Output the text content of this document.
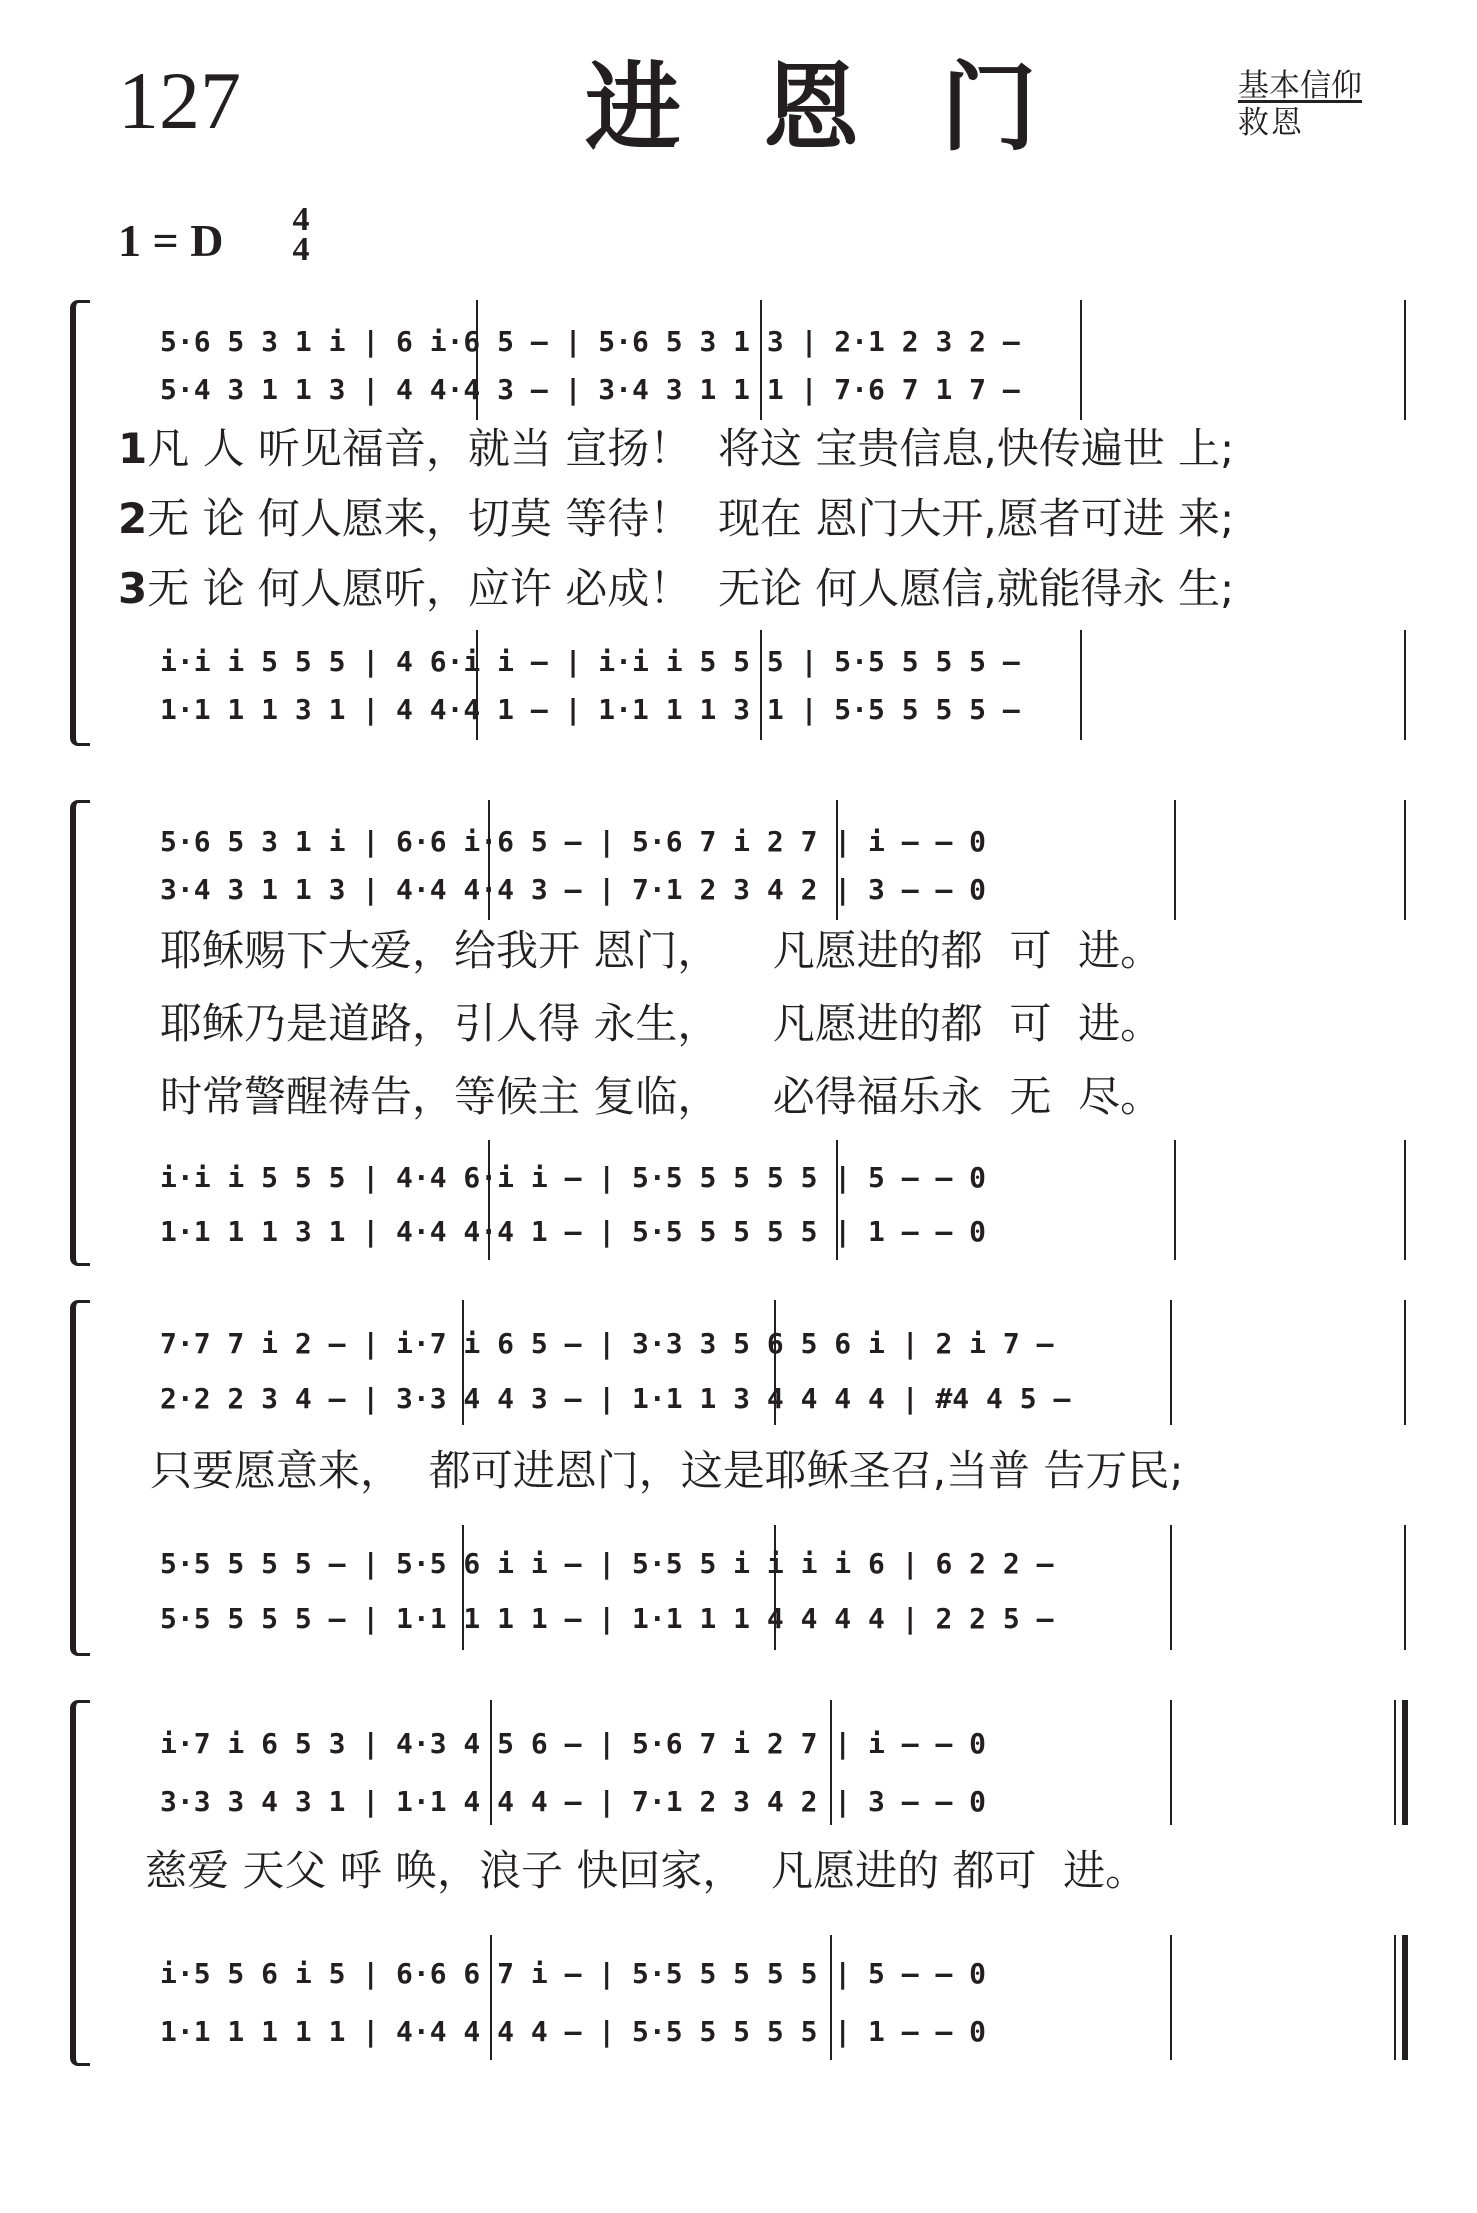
127	进恩门	基本信仰
救恩
1 = D 4
4
5·6 5 3 1 i | 6 i·6 5 – | 5·6 5 3 1 3 | 2·1 2 3 2 –
5·4 3 1 1 3 | 4 4·4 3 – | 3·4 3 1 1 1 | 7·6 7 1 7 –
1凡 人 听见福音，就当 宣扬！  将这 宝贵信息,快传遍世 上;
2无 论 何人愿来，切莫 等待！  现在 恩门大开,愿者可进 来;
3无 论 何人愿听，应许 必成！  无论 何人愿信,就能得永 生;
i·i i 5 5 5 | 4 6·i i – | i·i i 5 5 5 | 5·5 5 5 5 –
1·1 1 1 3 1 | 4 4·4 1 – | 1·1 1 1 3 1 | 5·5 5 5 5 –
5·6 5 3 1 i | 6·6 i·6 5 – | 5·6 7 i 2 7 | i – – 0
3·4 3 1 1 3 | 4·4 4·4 3 – | 7·1 2 3 4 2 | 3 – – 0
耶稣赐下大爱，给我开 恩门，    凡愿进的都  可  进。
耶稣乃是道路，引人得 永生，    凡愿进的都  可  进。
时常警醒祷告，等候主 复临，    必得福乐永  无  尽。
i·i i 5 5 5 | 4·4 6·i i – | 5·5 5 5 5 5 | 5 – – 0
1·1 1 1 3 1 | 4·4 4·4 1 – | 5·5 5 5 5 5 | 1 – – 0
7·7 7 i 2 – | i·7 i 6 5 – | 3·3 3 5 6 5 6 i | 2 i 7 –
2·2 2 3 4 – | 3·3 4 4 3 – | 1·1 1 3 4 4 4 4 | #4 4 5 –
只要愿意来，  都可进恩门，这是耶稣圣召,当普 告万民;
5·5 5 5 5 – | 5·5 6 i i – | 5·5 5 i i i i 6 | 6 2 2 –
5·5 5 5 5 – | 1·1 1 1 1 – | 1·1 1 1 4 4 4 4 | 2 2 5 –
i·7 i 6 5 3 | 4·3 4 5 6 – | 5·6 7 i 2 7 | i – – 0
3·3 3 4 3 1 | 1·1 4 4 4 – | 7·1 2 3 4 2 | 3 – – 0
慈爱 天父 呼 唤，浪子 快回家，  凡愿进的 都可  进。
i·5 5 6 i 5 | 6·6 6 7 i – | 5·5 5 5 5 5 | 5 – – 0
1·1 1 1 1 1 | 4·4 4 4 4 – | 5·5 5 5 5 5 | 1 – – 0
